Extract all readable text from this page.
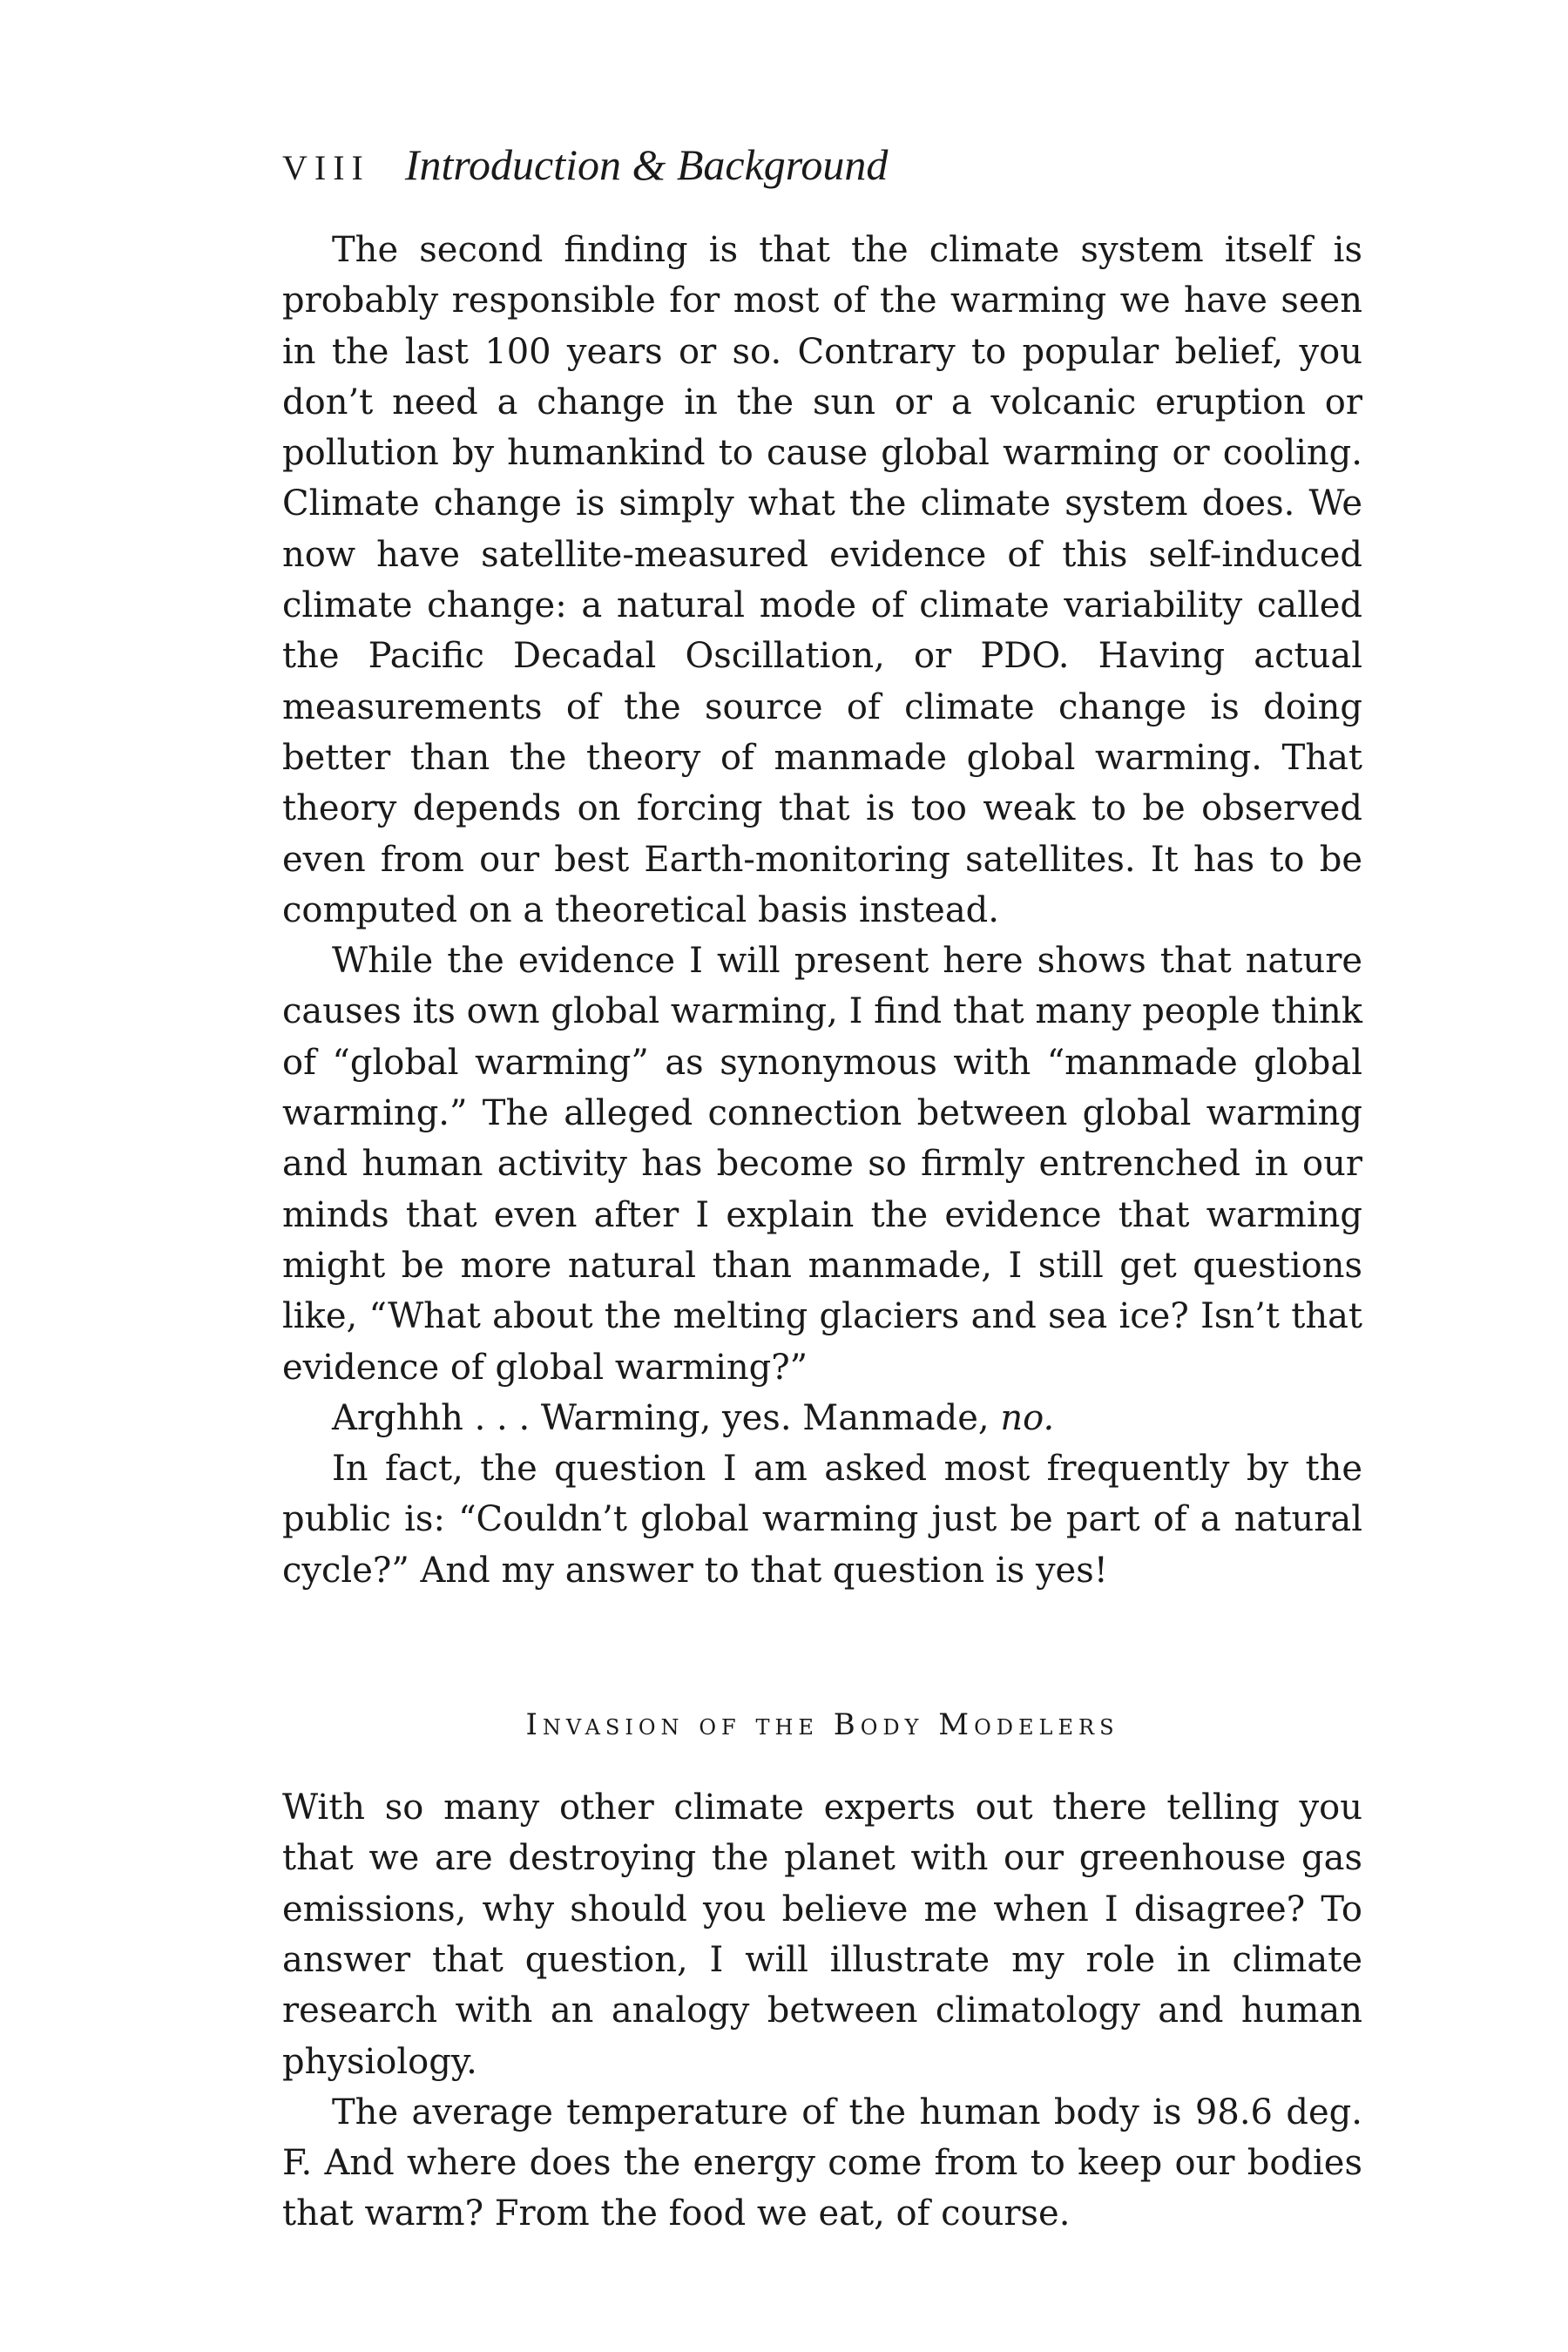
VIII Introduction & Background

The second finding is that the climate system itself is probably responsible for most of the warming we have seen in the last 100 years or so. Contrary to popular belief, you don’t need a change in the sun or a volcanic eruption or pollution by humankind to cause global warming or cooling. Climate change is simply what the climate system does. We now have satellite-measured evidence of this self-induced climate change: a natural mode of climate variability called the Pacific Decadal Oscillation, or PDO. Having actual measurements of the source of climate change is doing better than the theory of manmade global warming. That theory depends on forcing that is too weak to be observed even from our best Earth-monitoring satellites. It has to be computed on a theoretical basis instead.

While the evidence I will present here shows that nature causes its own global warming, I find that many people think of “global warming” as synonymous with “manmade global warming.” The alleged connection between global warming and human activity has become so firmly entrenched in our minds that even after I explain the evidence that warming might be more natural than manmade, I still get questions like, “What about the melting glaciers and sea ice? Isn’t that evidence of global warming?”

Arghhh . . . Warming, yes. Manmade, no.

In fact, the question I am asked most frequently by the public is: “Couldn’t global warming just be part of a natural cycle?” And my answer to that question is yes!

Invasion of the Body Modelers

With so many other climate experts out there telling you that we are destroying the planet with our greenhouse gas emissions, why should you believe me when I disagree? To answer that question, I will illustrate my role in climate research with an analogy between climatology and human physiology.

The average temperature of the human body is 98.6 deg. F. And where does the energy come from to keep our bodies that warm? From the food we eat, of course.
